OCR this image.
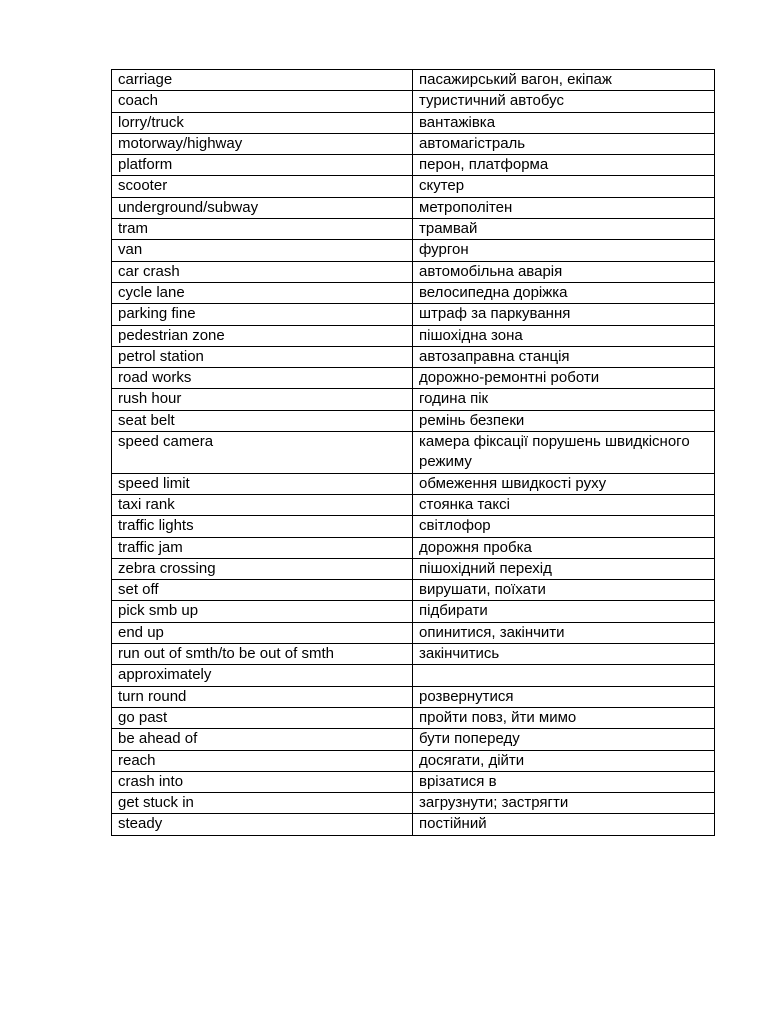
carriage	пасажирський вагон, екіпаж
coach	туристичний автобус
lorry/truck	вантажівка
motorway/highway	автомагістраль
platform	перон, платформа
scooter	скутер
underground/subway	метрополітен
tram	трамвай
van	фургон
car crash	автомобільна аварія
cycle lane	велосипедна доріжка
parking fine	штраф за паркування
pedestrian zone	пішохідна зона
petrol station	автозаправна станція
road works	дорожно-ремонтні роботи
rush hour	година пік
seat belt	ремінь безпеки
speed camera	камера фіксації порушень швидкісного режиму
speed limit	обмеження швидкості руху
taxi rank	стоянка таксі
traffic lights	світлофор
traffic jam	дорожня пробка
zebra crossing	пішохідний перехід
set off	вирушати, поїхати
pick smb up	підбирати
end up	опинитися, закінчити
run out of smth/to be out of smth	закінчитись
approximately	
turn round	розвернутися
go past	пройти повз, йти мимо
be ahead of	бути попереду
reach	досягати, дійти
crash into	врізатися в
get stuck in	загрузнути; застрягти
steady	постійний
